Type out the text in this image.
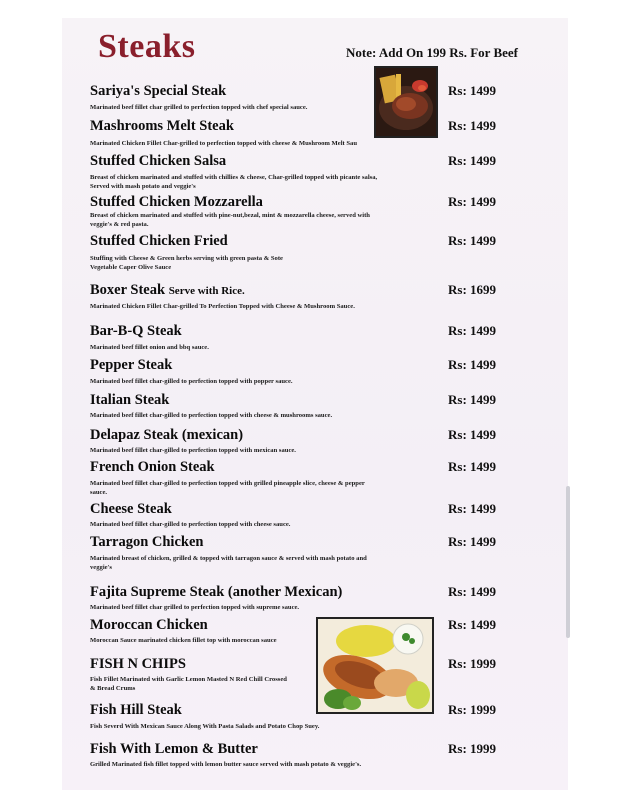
Steaks	Note: Add On 199 Rs. For Beef
Sariya's Special Steak
Marinated beef fillet char grilled to perfection topped with chef special sauce.
Rs: 1499
Mashrooms Melt Steak
Marinated Chicken Fillet Char-grilled to perfection topped with cheese & Mushroom Melt Sau
Rs: 1499
Stuffed Chicken Salsa
Breast of chicken marinated and stuffed with chillies & cheese, Char-grilled topped with picante salsa, Served with mash potato and veggie's
Rs: 1499
Stuffed Chicken Mozzarella
Breast of chicken marinated and stuffed with pine-nut,bezal, mint & mozzarella cheese, served with veggie's & red pasta.
Rs: 1499
Stuffed Chicken Fried
Stuffing with Cheese & Green herbs serving with green pasta & Sote Vegetable Caper Olive Sauce
Rs: 1499
Boxer Steak Serve with Rice.
Marinated Chicken Fillet Char-grilled To Perfection Topped with Cheese & Mushroom Sauce.
Rs: 1699
Bar-B-Q Steak
Marinated beef fillet onion and bbq sauce.
Rs: 1499
Pepper Steak
Marinated beef fillet char-gilled to perfection topped with popper sauce.
Rs: 1499
Italian Steak
Marinated beef fillet char-gilled to perfection topped with cheese & mushrooms sauce.
Rs: 1499
Delapaz Steak (mexican)
Marinated beef fillet char-gilled to perfection topped with mexican sauce.
Rs: 1499
French Onion Steak
Marinated beef fillet char-gilled to perfection topped with grilled pineapple slice, cheese & pepper sauce.
Rs: 1499
Cheese Steak
Marinated beef fillet char-gilled to perfection topped with cheese sauce.
Rs: 1499
Tarragon Chicken
Marinated breast of chicken, grilled & topped with tarragon sauce & served with mash potato and veggie's
Rs: 1499
Fajita Supreme Steak (another Mexican)
Marinated beef fillet char grilled to perfection topped with supreme sauce.
Rs: 1499
Moroccan Chicken
Moroccan Sauce marinated chicken fillet top with moroccan sauce
Rs: 1499
FISH N CHIPS
Fish Fillet Marinated with Garlic Lemon Masted N Red Chill Crossed & Bread Crums
Rs: 1999
Fish Hill Steak
Fish Severd With Mexican Sauce Along With Pasta Salads and Potato Chop Suey.
Rs: 1999
Fish With Lemon & Butter
Grilled Marinated fish fillet topped with lemon butter sauce served with mash potato & veggie's.
Rs: 1999
